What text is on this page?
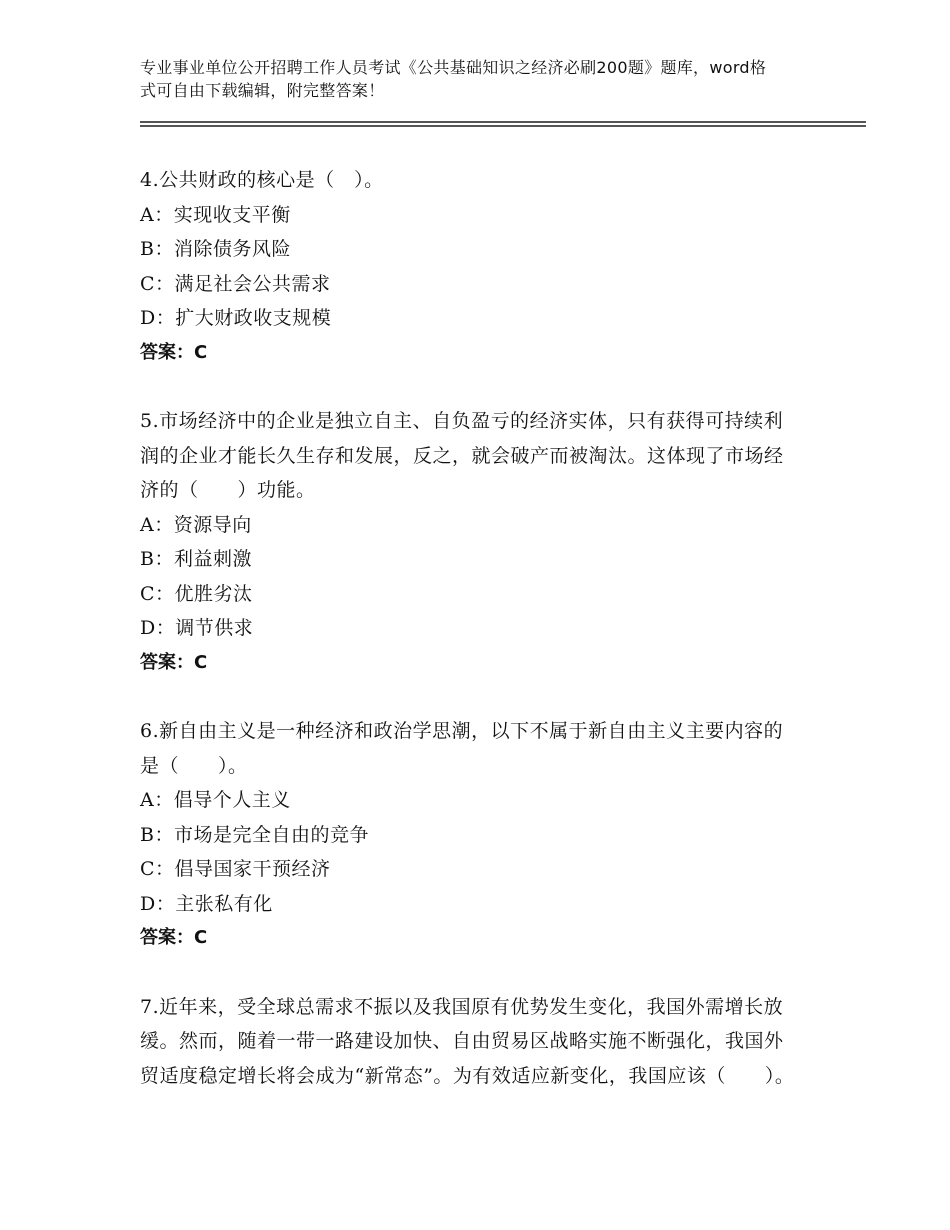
专业事业单位公开招聘工作人员考试《公共基础知识之经济必刷200题》题库，word格式可自由下载编辑，附完整答案！
4.公共财政的核心是（　）。
A：实现收支平衡
B：消除债务风险
C：满足社会公共需求
D：扩大财政收支规模
答案：C
5.市场经济中的企业是独立自主、自负盈亏的经济实体，只有获得可持续利润的企业才能长久生存和发展，反之，就会破产而被淘汰。这体现了市场经济的（　　）功能。
A：资源导向
B：利益刺激
C：优胜劣汰
D：调节供求
答案：C
6.新自由主义是一种经济和政治学思潮，以下不属于新自由主义主要内容的是（　　）。
A：倡导个人主义
B：市场是完全自由的竞争
C：倡导国家干预经济
D：主张私有化
答案：C
7.近年来，受全球总需求不振以及我国原有优势发生变化，我国外需增长放缓。然而，随着一带一路建设加快、自由贸易区战略实施不断强化，我国外贸适度稳定增长将会成为“新常态”。为有效适应新变化，我国应该（　　）。
